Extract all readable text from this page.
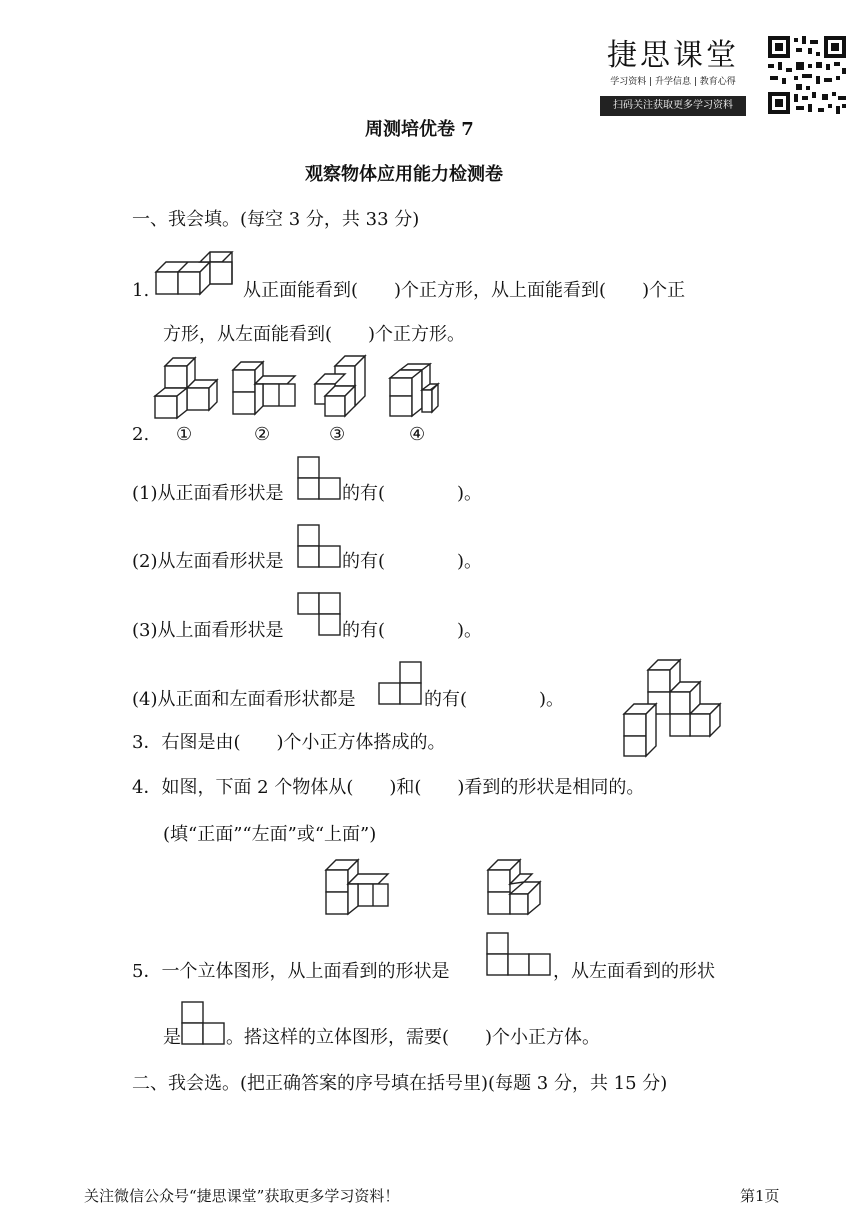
捷思课堂
学习资料 | 升学信息 | 教育心得
扫码关注获取更多学习资料
周测培优卷 7
观察物体应用能力检测卷
一、我会填。(每空 3 分，共 33 分)
1.	从正面能看到(　　)个正方形，从上面能看到(　　)个正
方形，从左面能看到(　　)个正方形。
2. ①	②	③	④
(1)从正面看形状是	的有(　　　　)。
(2)从左面看形状是	的有(　　　　)。
(3)从上面看形状是	的有(　　　　)。
(4)从正面和左面看形状都是	的有(　　　　)。
3．右图是由(　　)个小正方体搭成的。
4．如图，下面 2 个物体从(　　)和(　　)看到的形状是相同的。
(填“正面”“左面”或“上面”)
5．一个立体图形，从上面看到的形状是	，从左面看到的形状
是	。搭这样的立体图形，需要(　　)个小正方体。
二、我会选。(把正确答案的序号填在括号里)(每题 3 分，共 15 分)
关注微信公众号“捷思课堂”获取更多学习资料！	第1页
